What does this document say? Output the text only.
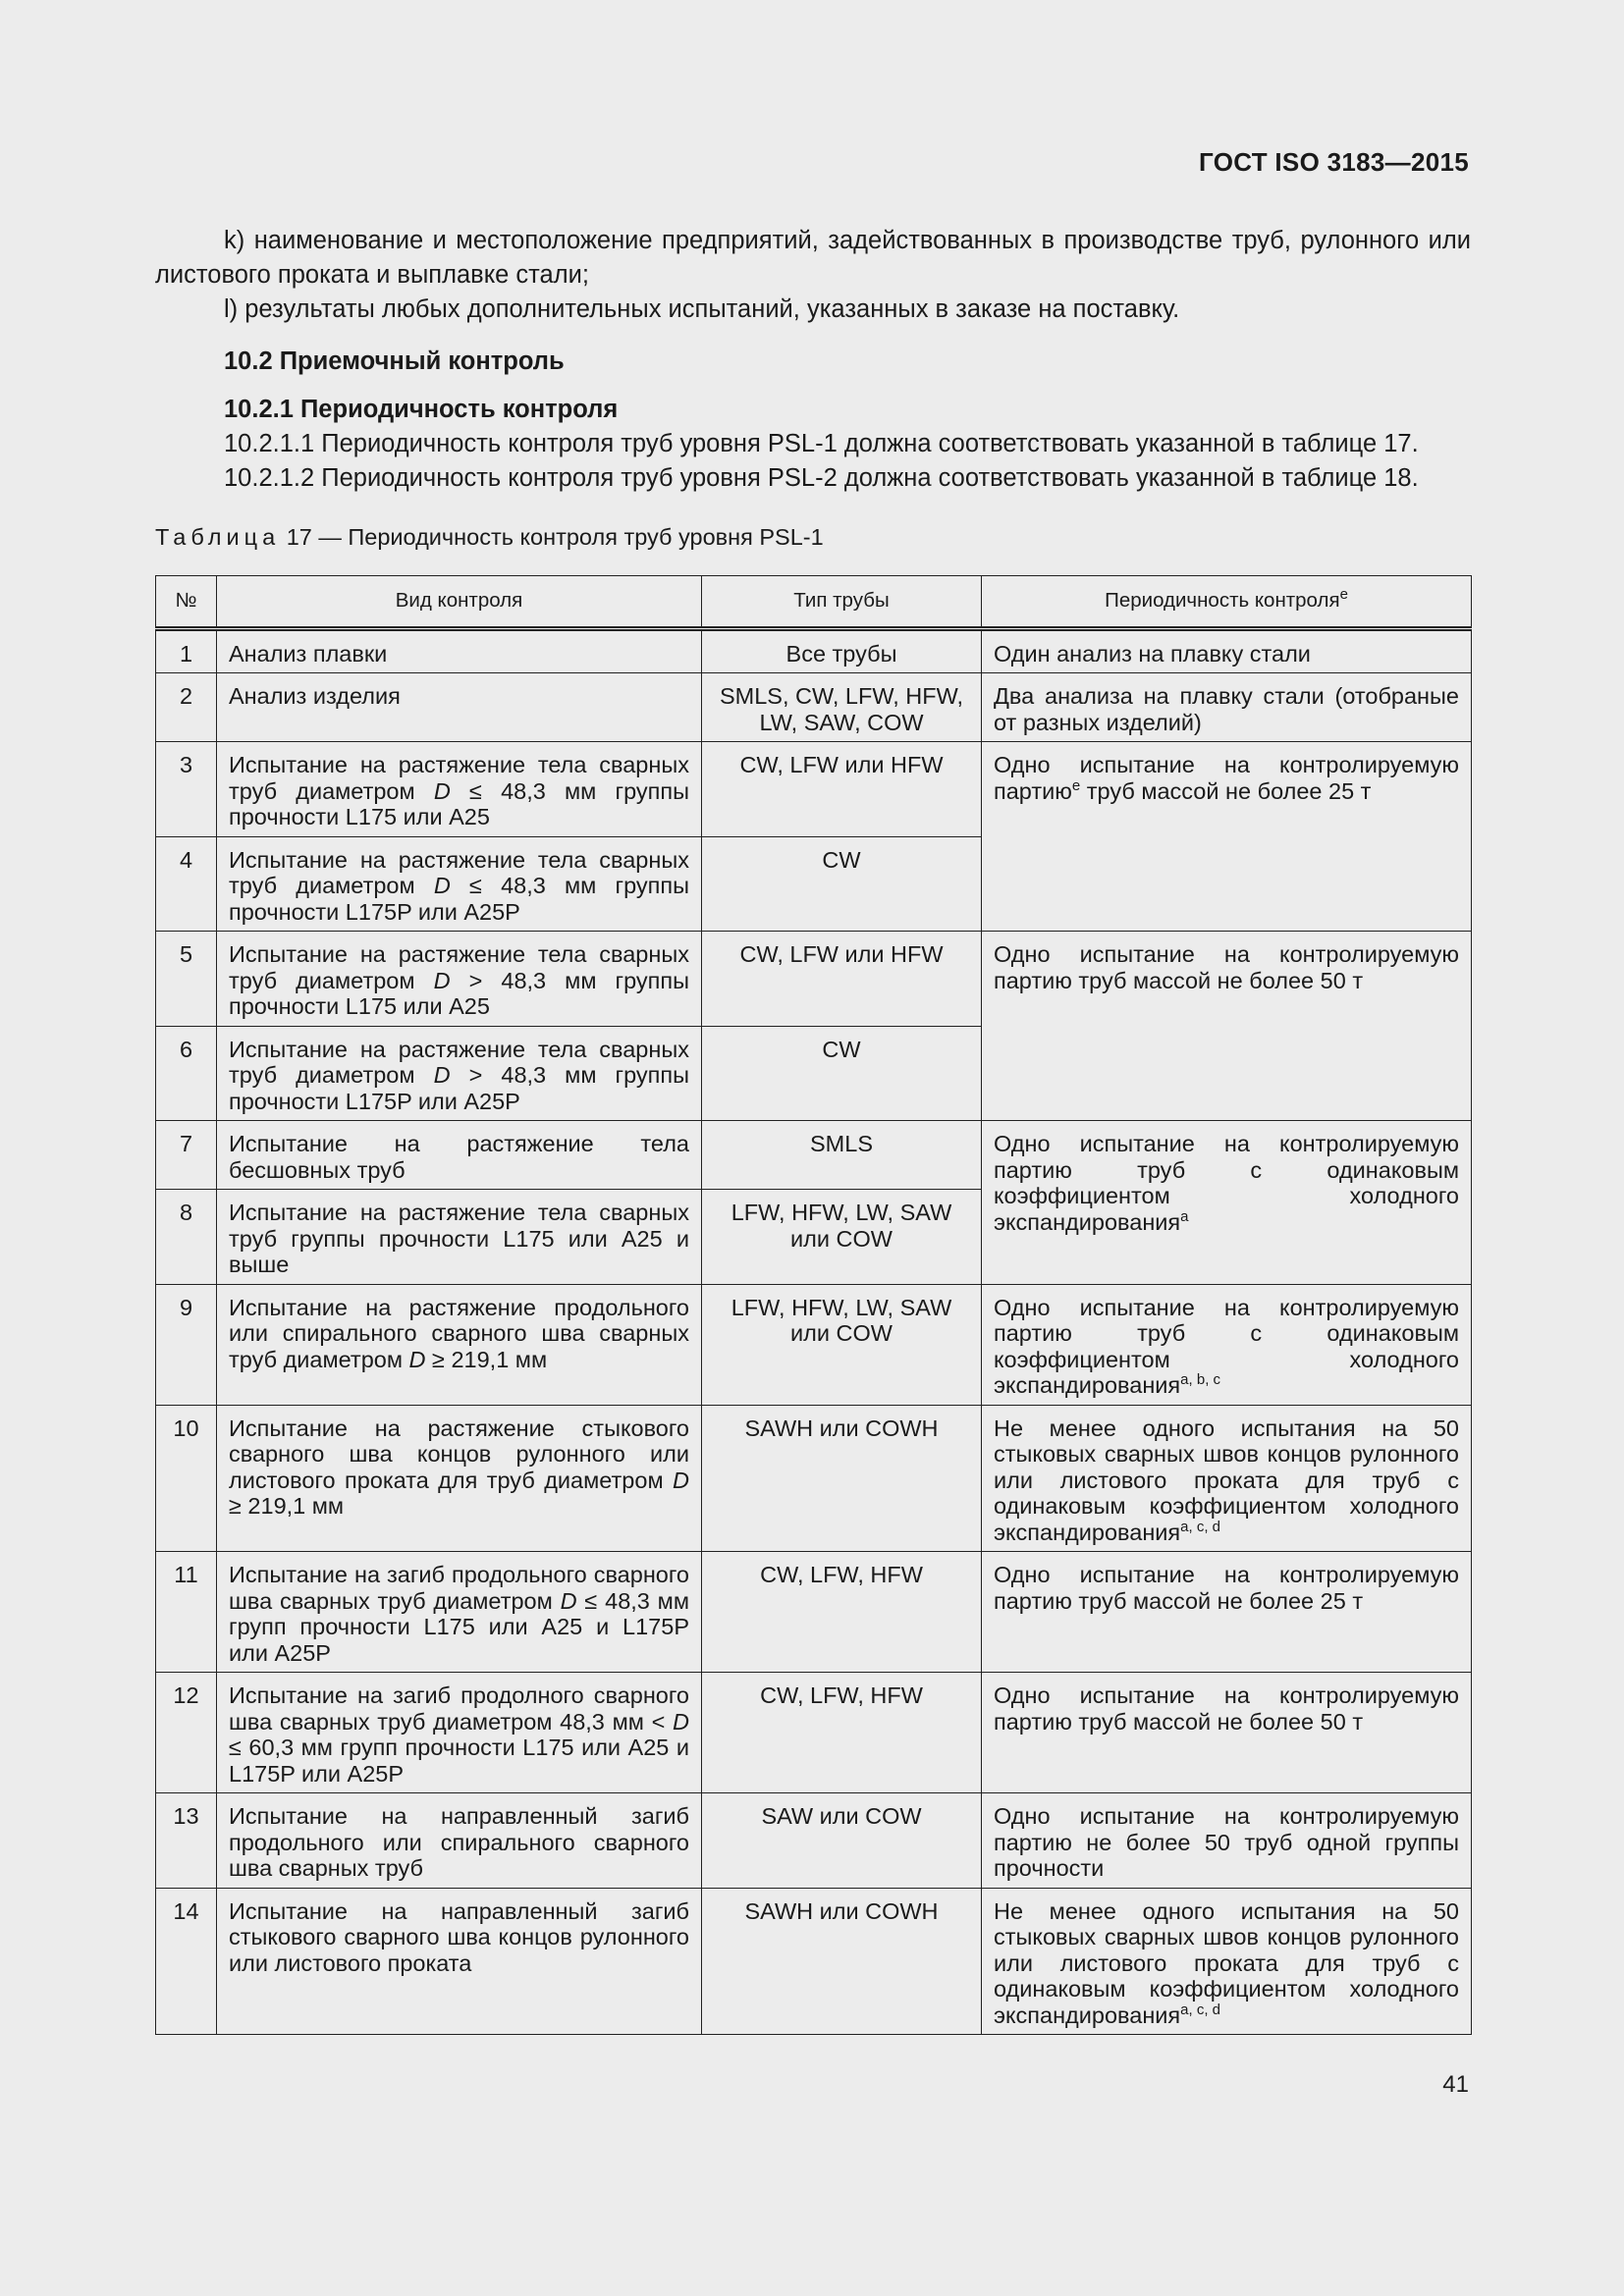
ГОСТ ISO 3183—2015

k) наименование и местоположение предприятий, задействованных в производстве труб, рулонного или листового проката и выплавке стали;

l) результаты любых дополнительных испытаний, указанных в заказе на поставку.

10.2 Приемочный контроль
10.2.1 Периодичность контроля

10.2.1.1 Периодичность контроля труб уровня PSL-1 должна соответствовать указанной в таблице 17.

10.2.1.2 Периодичность контроля труб уровня PSL-2 должна соответствовать указанной в таблице 18.

Таблица 17 — Периодичность контроля труб уровня PSL-1
№	Вид контроля	Тип трубы	Периодичность контроля$^e$
1	Анализ плавки	Все трубы	Один анализ на плавку стали
2	Анализ изделия	SMLS, CW, LFW, HFW, LW, SAW, COW	Два анализа на плавку стали (отобраные от разных изделий)
3	Испытание на растяжение тела сварных труб диаметром D ≤ 48,3 мм группы прочности L175 или A25	CW, LFW или HFW	Одно испытание на контролируемую партию$^e$ труб массой не более 25 т
4	Испытание на растяжение тела сварных труб диаметром D ≤ 48,3 мм группы прочности L175P или A25P	CW	
5	Испытание на растяжение тела сварных труб диаметром D > 48,3 мм группы прочности L175 или A25	CW, LFW или HFW	Одно испытание на контролируемую партию труб массой не более 50 т
6	Испытание на растяжение тела сварных труб диаметром D > 48,3 мм группы прочности L175P или A25P	CW	
7	Испытание на растяжение тела бесшовных труб	SMLS	Одно испытание на контролируемую партию труб с одинаковым коэффициентом холодного экспандирования$^a$
8	Испытание на растяжение тела сварных труб группы прочности L175 или A25 и выше	LFW, HFW, LW, SAW или COW	
9	Испытание на растяжение продольного или спирального сварного шва сварных труб диаметром D ≥ 219,1 мм	LFW, HFW, LW, SAW или COW	Одно испытание на контролируемую партию труб с одинаковым коэффициентом холодного экспандирования$^{a, b, c}$
10	Испытание на растяжение стыкового сварного шва концов рулонного или листового проката для труб диаметром D ≥ 219,1 мм	SAWH или COWH	Не менее одного испытания на 50 стыковых сварных швов концов рулонного или листового проката для труб с одинаковым коэффициентом холодного экспандирования$^{a, c, d}$
11	Испытание на загиб продольного сварного шва сварных труб диаметром D ≤ 48,3 мм групп прочности L175 или A25 и L175P или A25P	CW, LFW, HFW	Одно испытание на контролируемую партию труб массой не более 25 т
12	Испытание на загиб продолного сварного шва сварных труб диаметром 48,3 мм < D ≤ 60,3 мм групп прочности L175 или A25 и L175P или A25P	CW, LFW, HFW	Одно испытание на контролируемую партию труб массой не более 50 т
13	Испытание на направленный загиб продольного или спирального сварного шва сварных труб	SAW или COW	Одно испытание на контролируемую партию не более 50 труб одной группы прочности
14	Испытание на направленный загиб стыкового сварного шва концов рулонного или листового проката	SAWH или COWH	Не менее одного испытания на 50 стыковых сварных швов концов рулонного или листового проката для труб с одинаковым коэффициентом холодного экспандирования$^{a, c, d}$
41
